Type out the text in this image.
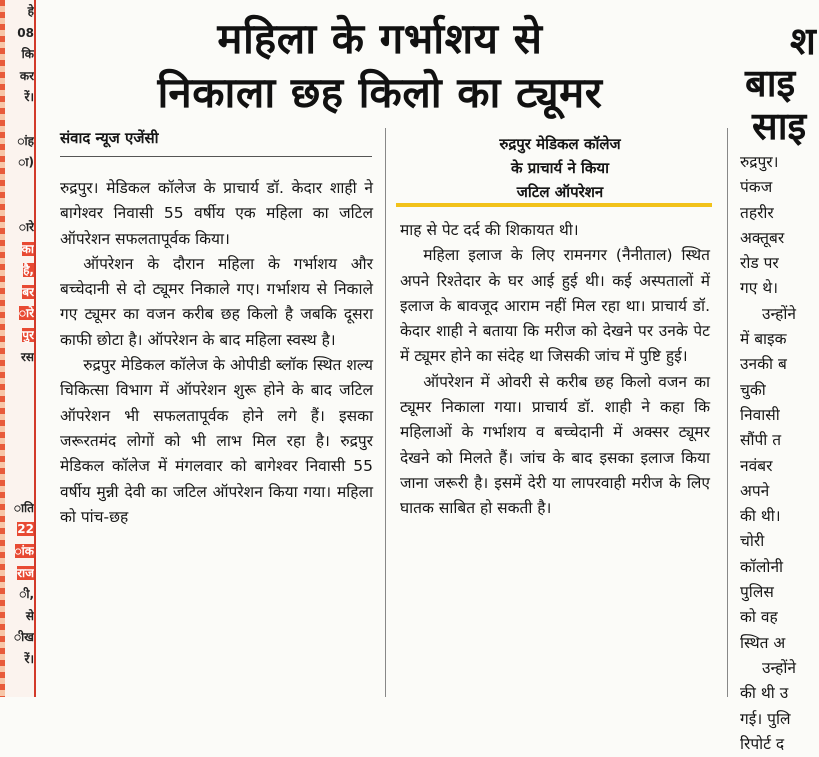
हे
08
कि
कर
रें।
ांह
ा)
ारे
का
है,
बर
ारे
पुर
रस
ाति
22
ांक
राज
ी,
से
ीख
रें।
महिला के गर्भाशय से
निकाला छह किलो का ट्यूमर
श
बाइ
साइ
संवाद न्यूज एजेंसी

रुद्रपुर। मेडिकल कॉलेज के प्राचार्य डॉ. केदार शाही ने बागेश्वर निवासी 55 वर्षीय एक महिला का जटिल ऑपरेशन सफलतापूर्वक किया।

ऑपरेशन के दौरान महिला के गर्भाशय और बच्चेदानी से दो ट्यूमर निकाले गए। गर्भाशय से निकाले गए ट्यूमर का वजन करीब छह किलो है जबकि दूसरा काफी छोटा है। ऑपरेशन के बाद महिला स्वस्थ है।

रुद्रपुर मेडिकल कॉलेज के ओपीडी ब्लॉक स्थित शल्य चिकित्सा विभाग में ऑपरेशन शुरू होने के बाद जटिल ऑपरेशन भी सफलतापूर्वक होने लगे हैं। इसका जरूरतमंद लोगों को भी लाभ मिल रहा है। रुद्रपुर मेडिकल कॉलेज में मंगलवार को बागेश्वर निवासी 55 वर्षीय मुन्नी देवी का जटिल ऑपरेशन किया गया। महिला को पांच-छह

रुद्रपुर मेडिकल कॉलेज
के प्राचार्य ने किया
जटिल ऑपरेशन

माह से पेट दर्द की शिकायत थी।

महिला इलाज के लिए रामनगर (नैनीताल) स्थित अपने रिश्तेदार के घर आई हुई थी। कई अस्पतालों में इलाज के बावजूद आराम नहीं मिल रहा था। प्राचार्य डॉ. केदार शाही ने बताया कि मरीज को देखने पर उनके पेट में ट्यूमर होने का संदेह था जिसकी जांच में पुष्टि हुई।

ऑपरेशन में ओवरी से करीब छह किलो वजन का ट्यूमर निकाला गया। प्राचार्य डॉ. शाही ने कहा कि महिलाओं के गर्भाशय व बच्चेदानी में अक्सर ट्यूमर देखने को मिलते हैं। जांच के बाद इसका इलाज किया जाना जरूरी है। इसमें देरी या लापरवाही मरीज के लिए घातक साबित हो सकती है।

रुद्रपुर।
पंकज
तहरीर
अक्तूबर
रोड पर
गए थे।
उन्होंने
में बाइक
उनकी ब
चुकी
निवासी
सौंपी त
नवंबर
अपने
की थी।
चोरी
कॉलोनी
पुलिस
को वह
स्थित अ
उन्होंने
की थी उ
गई। पुलि
रिपोर्ट द
